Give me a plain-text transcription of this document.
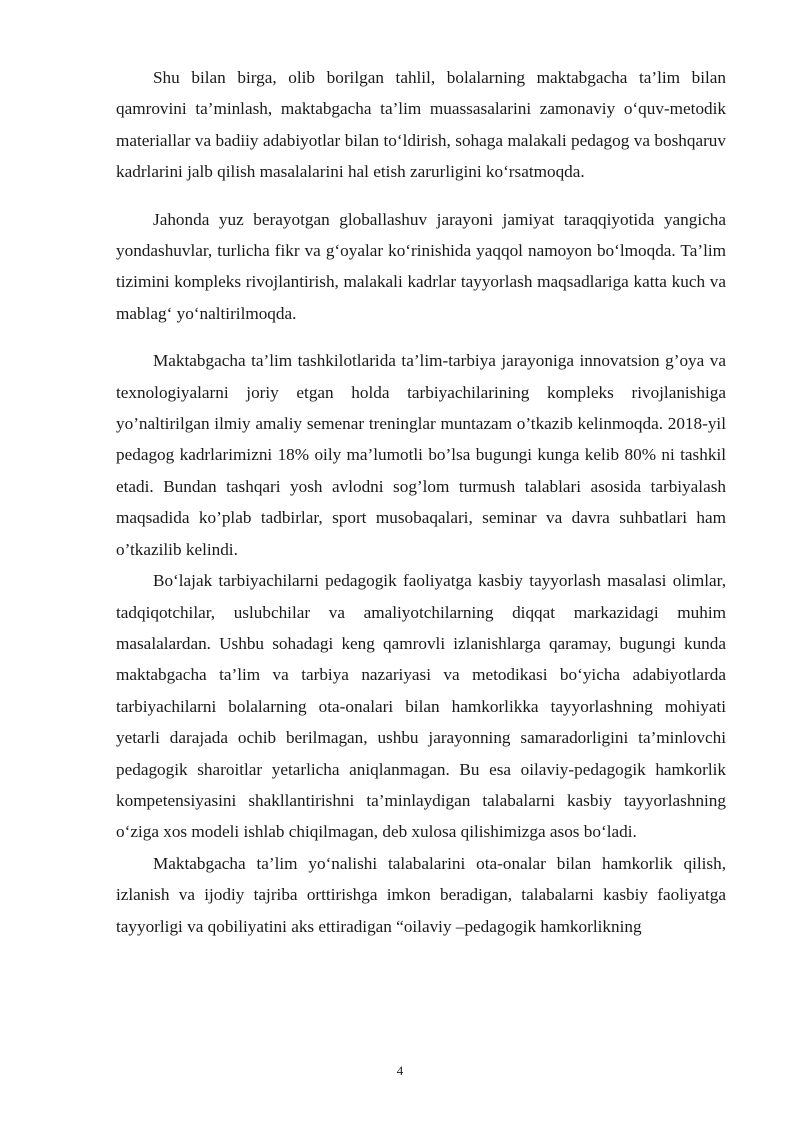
Shu bilan birga, olib borilgan tahlil, bolalarning maktabgacha ta’lim bilan qamrovini ta’minlash, maktabgacha ta’lim muassasalarini zamonaviy o‘quv-metodik materiallar va badiiy adabiyotlar bilan to‘ldirish, sohaga malakali pedagog va boshqaruv kadrlarini jalb qilish masalalarini hal etish zarurligini ko‘rsatmoqda.

Jahonda yuz berayotgan globallashuv jarayoni jamiyat taraqqiyotida yangicha yondashuvlar, turlicha fikr va g‘oyalar ko‘rinishida yaqqol namoyon bo‘lmoqda. Ta’lim tizimini kompleks rivojlantirish, malakali kadrlar tayyorlash maqsadlariga katta kuch va mablag‘ yo‘naltirilmoqda.

Maktabgacha ta’lim tashkilotlarida ta’lim-tarbiya jarayoniga innovatsion g’oya va texnologiyalarni joriy etgan holda tarbiyachilarining kompleks rivojlanishiga yo’naltirilgan ilmiy amaliy semenar treninglar muntazam o’tkazib kelinmoqda. 2018-yil pedagog kadrlarimizni 18% oily ma’lumotli bo’lsa bugungi kunga kelib 80% ni tashkil etadi. Bundan tashqari yosh avlodni sog’lom turmush talablari asosida tarbiyalash maqsadida ko’plab tadbirlar, sport musobaqalari, seminar va davra suhbatlari ham o’tkazilib kelindi.

Bo‘lajak tarbiyachilarni pedagogik faoliyatga kasbiy tayyorlash masalasi olimlar, tadqiqotchilar, uslubchilar va amaliyotchilarning diqqat markazidagi muhim masalalardan. Ushbu sohadagi keng qamrovli izlanishlarga qaramay, bugungi kunda maktabgacha ta’lim va tarbiya nazariyasi va metodikasi bo‘yicha adabiyotlarda tarbiyachilarni bolalarning ota-onalari bilan hamkorlikka tayyorlashning mohiyati yetarli darajada ochib berilmagan, ushbu jarayonning samaradorligini ta’minlovchi pedagogik sharoitlar yetarlicha aniqlanmagan. Bu esa oilaviy-pedagogik hamkorlik kompetensiyasini shakllantirishni ta’minlaydigan talabalarni kasbiy tayyorlashning o‘ziga xos modeli ishlab chiqilmagan, deb xulosa qilishimizga asos bo‘ladi.

Maktabgacha ta’lim yo‘nalishi talabalarini ota-onalar bilan hamkorlik qilish, izlanish va ijodiy tajriba orttirishga imkon beradigan, talabalarni kasbiy faoliyatga tayyorligi va qobiliyatini aks ettiradigan “oilaviy –pedagogik hamkorlikning

4
